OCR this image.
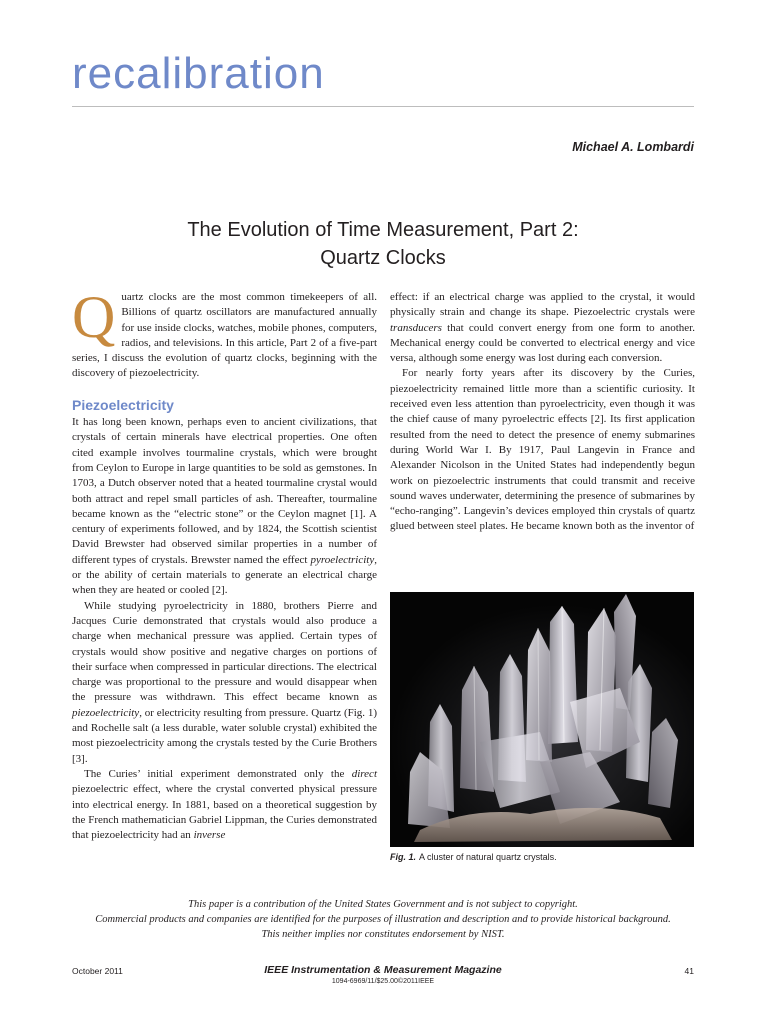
recalibration
Michael A. Lombardi
The Evolution of Time Measurement, Part 2:
Quartz Clocks

Quartz clocks are the most common timekeepers of all. Billions of quartz oscillators are manufactured annually for use inside clocks, watches, mobile phones, computers, radios, and televisions. In this article, Part 2 of a five-part series, I discuss the evolution of quartz clocks, beginning with the discovery of piezoelectricity.

Piezoelectricity

It has long been known, perhaps even to ancient civilizations, that crystals of certain minerals have electrical properties. One often cited example involves tourmaline crystals, which were brought from Ceylon to Europe in large quantities to be sold as gemstones. In 1703, a Dutch observer noted that a heated tourmaline crystal would both attract and repel small particles of ash. Thereafter, tourmaline became known as the “electric stone” or the Ceylon magnet [1]. A century of experiments followed, and by 1824, the Scottish scientist David Brewster had observed similar properties in a number of different types of crystals. Brewster named the effect pyroelectricity, or the ability of certain materials to generate an electrical charge when they are heated or cooled [2].

While studying pyroelectricity in 1880, brothers Pierre and Jacques Curie demonstrated that crystals would also produce a charge when mechanical pressure was applied. Certain types of crystals would show positive and negative charges on portions of their surface when compressed in particular directions. The electrical charge was proportional to the pressure and would disappear when the pressure was withdrawn. This effect became known as piezoelectricity, or electricity resulting from pressure. Quartz (Fig. 1) and Rochelle salt (a less durable, water soluble crystal) exhibited the most piezoelectricity among the crystals tested by the Curie Brothers [3].

The Curies’ initial experiment demonstrated only the direct piezoelectric effect, where the crystal converted physical pressure into electrical energy. In 1881, based on a theoretical suggestion by the French mathematician Gabriel Lippman, the Curies demonstrated that piezoelectricity had an inverse

effect: if an electrical charge was applied to the crystal, it would physically strain and change its shape. Piezoelectric crystals were transducers that could convert energy from one form to another. Mechanical energy could be converted to electrical energy and vice versa, although some energy was lost during each conversion.

For nearly forty years after its discovery by the Curies, piezoelectricity remained little more than a scientific curiosity. It received even less attention than pyroelectricity, even though it was the chief cause of many pyroelectric effects [2]. Its first application resulted from the need to detect the presence of enemy submarines during World War I. By 1917, Paul Langevin in France and Alexander Nicolson in the United States had independently begun work on piezoelectric instruments that could transmit and receive sound waves underwater, determining the presence of submarines by “echo-ranging”. Langevin’s devices employed thin crystals of quartz glued between steel plates. He became known both as the inventor of

Fig. 1. A cluster of natural quartz crystals.
This paper is a contribution of the United States Government and is not subject to copyright.
Commercial products and companies are identified for the purposes of illustration and description and to provide historical background.
This neither implies nor constitutes endorsement by NIST.
October 2011	IEEE Instrumentation & Measurement Magazine	41
1094-6969/11/$25.00©2011IEEE
